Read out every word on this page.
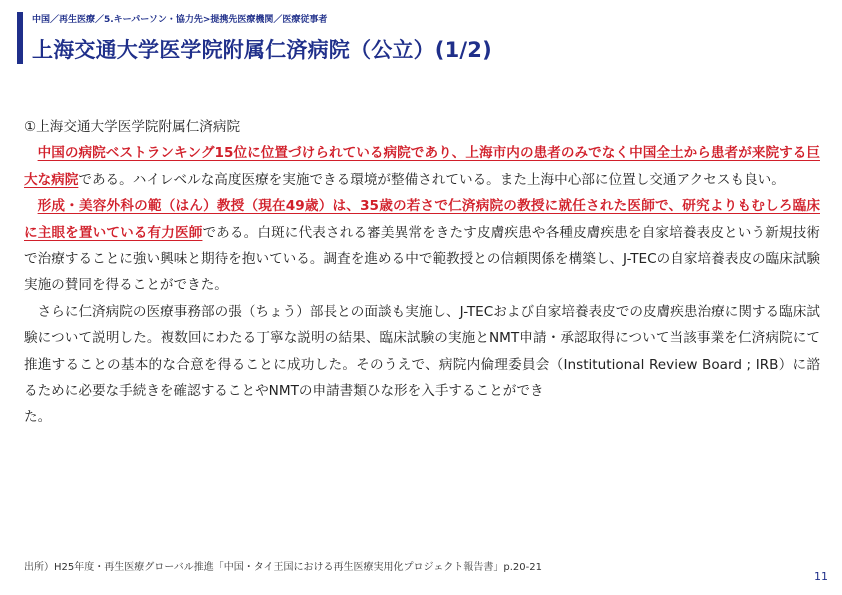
中国／再生医療／5.キーパーソン・協力先>提携先医療機関／医療従事者
上海交通大学医学院附属仁済病院（公立）(1/2)

①上海交通大学医学院附属仁済病院

中国の病院ベストランキング15位に位置づけられている病院であり、上海市内の患者のみでなく中国全土から患者が来院する巨大な病院である。ハイレベルな高度医療を実施できる環境が整備されている。また上海中心部に位置し交通アクセスも良い。

形成・美容外科の範（はん）教授（現在49歳）は、35歳の若さで仁済病院の教授に就任された医師で、研究よりもむしろ臨床に主眼を置いている有力医師である。白斑に代表される審美異常をきたす皮膚疾患や各種皮膚疾患を自家培養表皮という新規技術で治療することに強い興味と期待を抱いている。調査を進める中で範教授との信頼関係を構築し、J-TECの自家培養表皮の臨床試験実施の賛同を得ることができた。

さらに仁済病院の医療事務部の張（ちょう）部長との面談も実施し、J-TECおよび自家培養表皮での皮膚疾患治療に関する臨床試験について説明した。複数回にわたる丁寧な説明の結果、臨床試験の実施とNMT申請・承認取得について当該事業を仁済病院にて推進することの基本的な合意を得ることに成功した。そのうえで、病院内倫理委員会（Institutional Review Board ; IRB）に諮るために必要な手続きを確認することやNMTの申請書類ひな形を入手することができ

た。

出所）H25年度・再生医療グローバル推進「中国・タイ王国における再生医療実用化プロジェクト報告書」p.20-21
11
